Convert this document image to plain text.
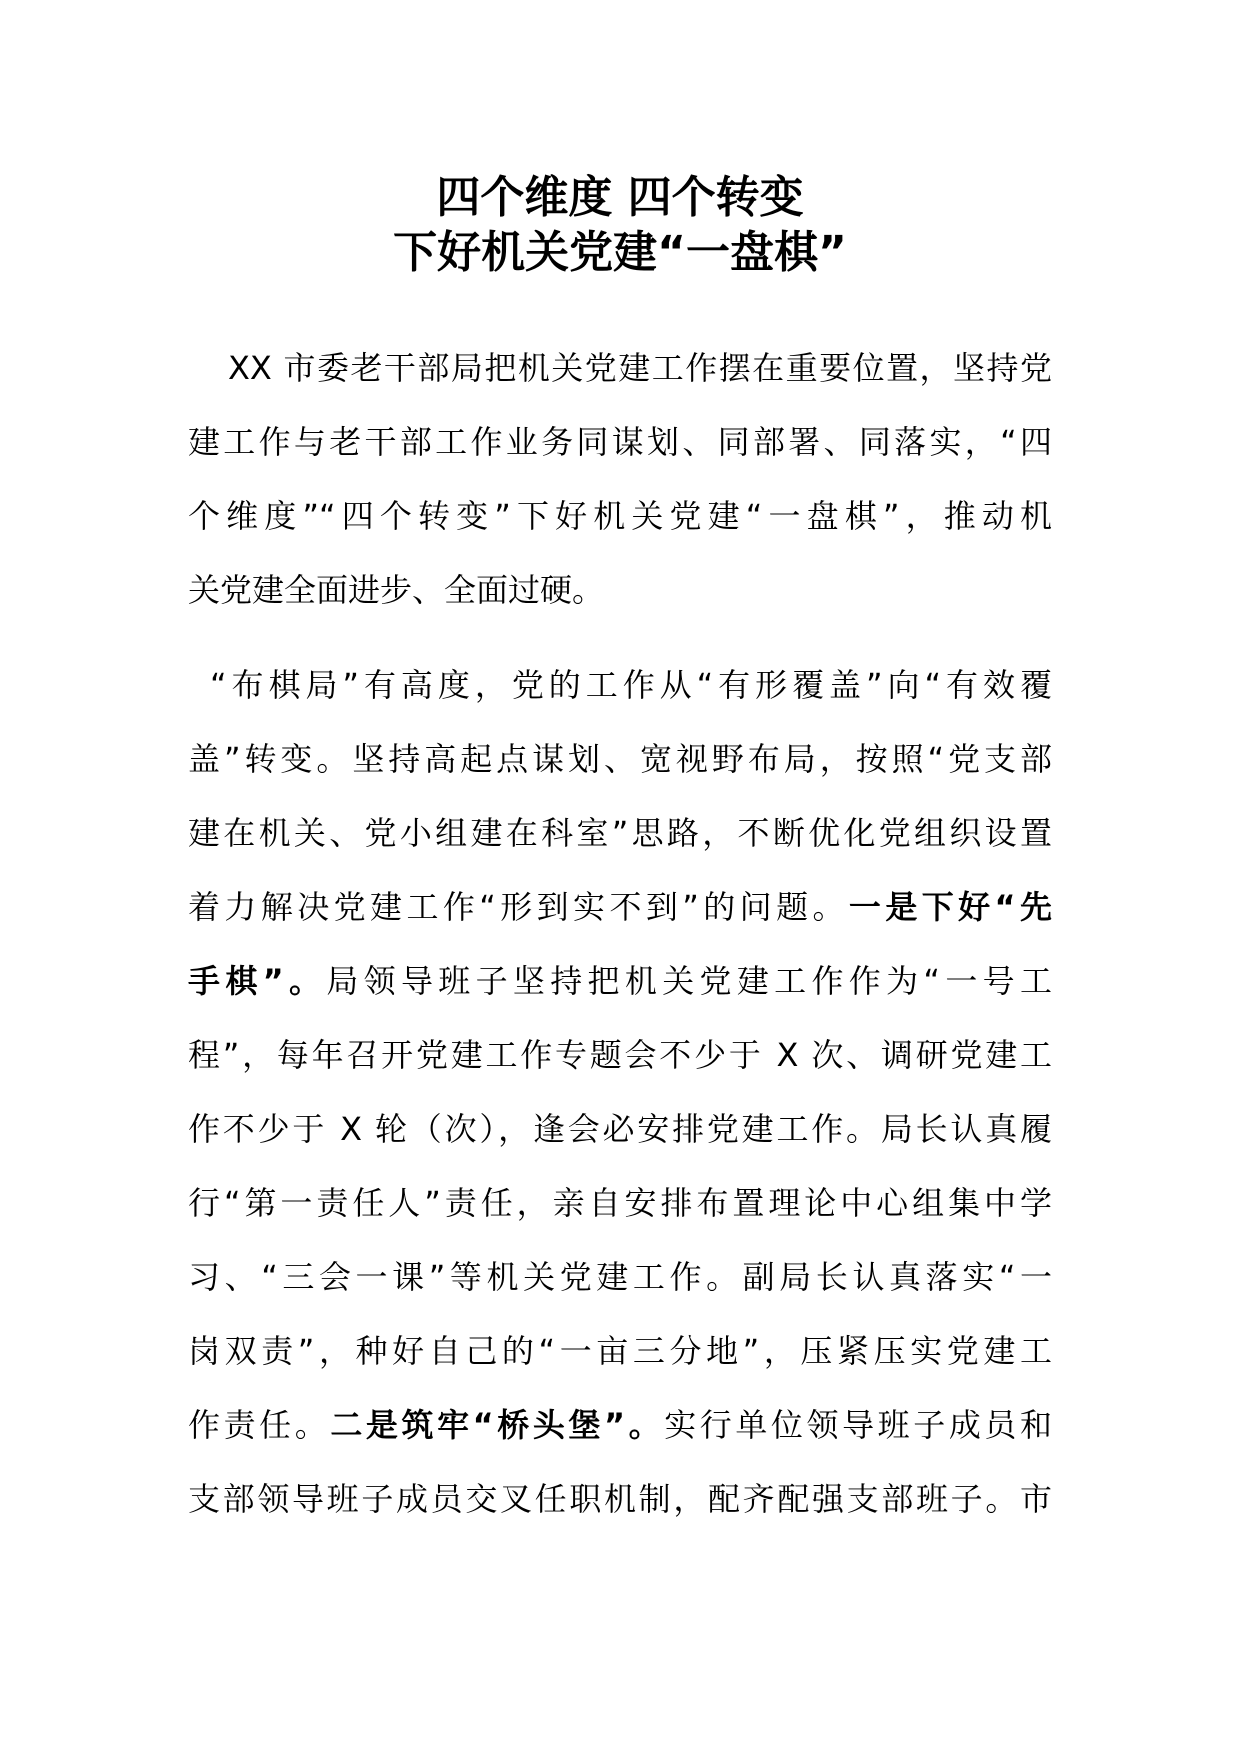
四个维度 四个转变
下好机关党建“一盘棋”
XX 市委老干部局把机关党建工作摆在重要位置，坚持党
建工作与老干部工作业务同谋划、同部署、同落实，“四
个维度”“四个转变”下好机关党建“一盘棋”，推动机
关党建全面进步、全面过硬。
“布棋局”有高度，党的工作从“有形覆盖”向“有效覆
盖”转变。坚持高起点谋划、宽视野布局，按照“党支部
建在机关、党小组建在科室”思路，不断优化党组织设置
着力解决党建工作“形到实不到”的问题。一是下好“先
手棋”。局领导班子坚持把机关党建工作作为“一号工
程”，每年召开党建工作专题会不少于 X 次、调研党建工
作不少于 X 轮（次），逢会必安排党建工作。局长认真履
行“第一责任人”责任，亲自安排布置理论中心组集中学
习、“三会一课”等机关党建工作。副局长认真落实“一
岗双责”，种好自己的“一亩三分地”，压紧压实党建工
作责任。二是筑牢“桥头堡”。实行单位领导班子成员和
支部领导班子成员交叉任职机制，配齐配强支部班子。市
